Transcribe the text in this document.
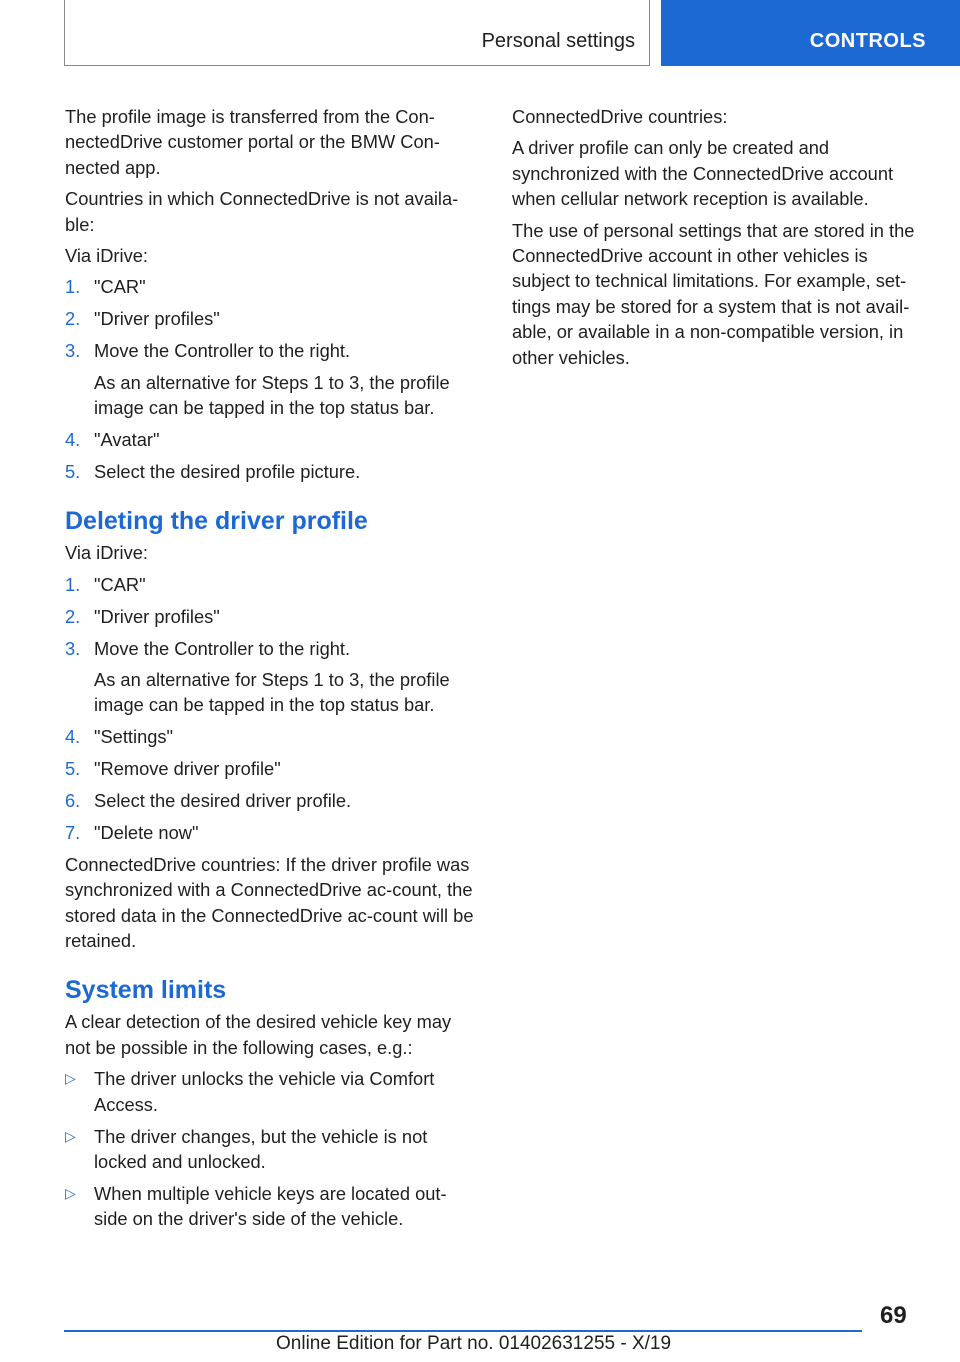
Personal settings	CONTROLS

The profile image is transferred from the Con‐nectedDrive customer portal or the BMW Con‐nected app.

Countries in which ConnectedDrive is not availa‐ble:

Via iDrive:

1. "CAR"
2. "Driver profiles"
3. Move the Controller to the right.
As an alternative for Steps 1 to 3, the profile image can be tapped in the top status bar.
4. "Avatar"
5. Select the desired profile picture.
Deleting the driver profile

Via iDrive:

1. "CAR"
2. "Driver profiles"
3. Move the Controller to the right.
As an alternative for Steps 1 to 3, the profile image can be tapped in the top status bar.
4. "Settings"
5. "Remove driver profile"
6. Select the desired driver profile.
7. "Delete now"

ConnectedDrive countries: If the driver profile was synchronized with a ConnectedDrive ac‐count, the stored data in the ConnectedDrive ac‐count will be retained.

System limits

A clear detection of the desired vehicle key may not be possible in the following cases, e.g.:

▷ The driver unlocks the vehicle via Comfort Access.
▷ The driver changes, but the vehicle is not locked and unlocked.
▷ When multiple vehicle keys are located out‐side on the driver's side of the vehicle.

ConnectedDrive countries:

A driver profile can only be created and synchronized with the ConnectedDrive account when cellular network reception is available.

The use of personal settings that are stored in the ConnectedDrive account in other vehicles is subject to technical limitations. For example, set‐tings may be stored for a system that is not avail‐able, or available in a non-compatible version, in other vehicles.

69
Online Edition for Part no. 01402631255 - X/19
